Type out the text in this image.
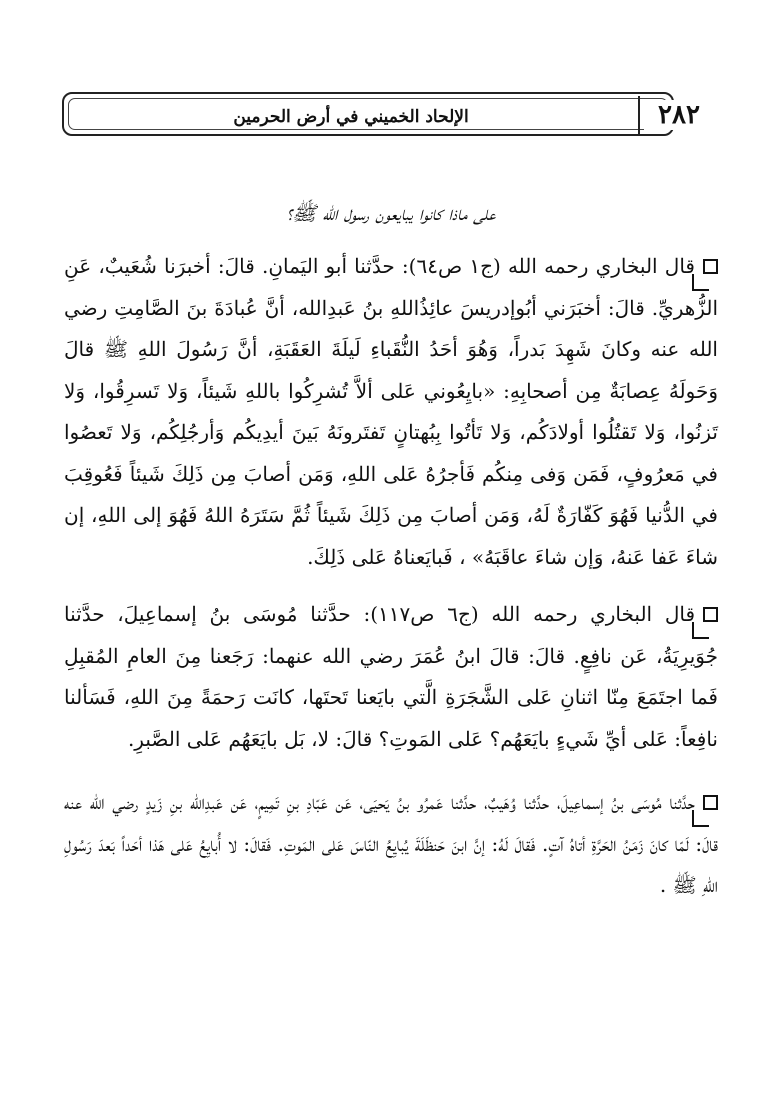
٢٨٢
الإلحاد الخميني في أرض الحرمين
على ماذا كانوا يبايعون رسول الله ﷺ؟

قال البخاري رحمه الله (ج١ ص٦٤): حدَّثنا أبو اليَمانِ. قالَ: أخبرَنا شُعَيبٌ، عَنِ الزُّهريِّ. قالَ: أخبَرَني أبُوإدريسَ عائِذُاللهِ بنُ عَبدِالله، أنَّ عُبادَةَ بنَ الصَّامِتِ رضي الله عنه وكانَ شَهِدَ بَدراً، وَهُوَ أحَدُ النُّقَباءِ لَيلَةَ العَقَبَةِ، أنَّ رَسُولَ اللهِ ﷺ قالَ وَحَولَهُ عِصابَةٌ مِن أصحابِهِ: «بايِعُوني عَلى ألاَّ تُشرِكُوا باللهِ شَيئاً، وَلا تَسرِقُوا، وَلا تَزنُوا، وَلا تَقتُلُوا أولادَكُم، وَلا تَأتُوا بِبُهتانٍ تَفتَرونَهُ بَينَ أيدِيكُم وَأرجُلِكُم، وَلا تَعصُوا في مَعرُوفٍ، فَمَن وَفى مِنكُم فَأجرُهُ عَلى اللهِ، وَمَن أصابَ مِن ذَلِكَ شَيئاً فَعُوقِبَ في الدُّنيا فَهُوَ كَفّارَةٌ لَهُ، وَمَن أصابَ مِن ذَلِكَ شَيئاً ثُمَّ سَتَرَهُ اللهُ فَهُوَ إلى اللهِ، إن شاءَ عَفا عَنهُ، وَإن شاءَ عاقَبَهُ» ، فَبايَعناهُ عَلى ذَلِكَ.

قال البخاري رحمه الله (ج٦ ص١١٧): حدَّثنا مُوسَى بنُ إسماعِيلَ، حدَّثنا جُوَيرِيَةُ، عَن نافِعٍ. قالَ: قالَ ابنُ عُمَرَ رضي الله عنهما: رَجَعنا مِنَ العامِ المُقبِلِ فَما اجتَمَعَ مِنّا اثنانِ عَلى الشَّجَرَةِ الَّتي بايَعنا تَحتَها، كانَت رَحمَةً مِنَ اللهِ، فَسَألنا نافِعاً: عَلى أيِّ شَيءٍ بايَعَهُم؟ عَلى المَوتِ؟ قالَ: لا، بَل بايَعَهُم عَلى الصَّبرِ.

حدَّثنا مُوسَى بنُ إسماعِيلَ، حدَّثنا وُهَيبٌ، حدَّثنا عَمرُو بنُ يَحيَى، عَن عَبّادِ بنِ تَمِيمٍ، عَن عَبدِالله بنِ زَيدٍ رضي الله عنه قالَ: لَمّا كانَ زَمَنُ الحَرَّةِ أتاهُ آتٍ. فَقالَ لَهُ: إنَّ ابنَ حَنظَلَةَ يُبايِعُ النّاسَ عَلى المَوتِ. فَقالَ: لا أُبايِعُ عَلى هَذا أحَداً بَعدَ رَسُولِ اللهِ ﷺ .
